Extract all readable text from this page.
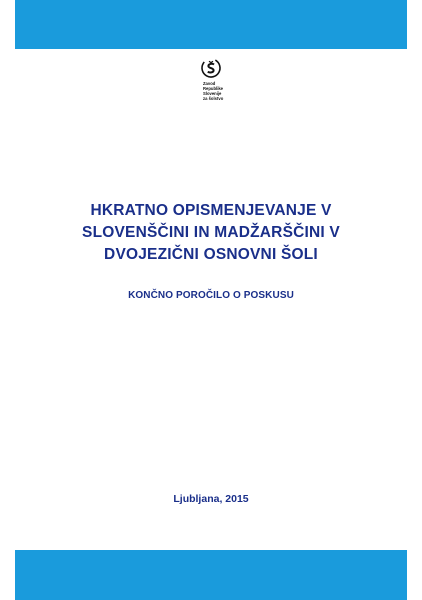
Zavod
Republike
Slovenije
za šolstvo
HKRATNO OPISMENJEVANJE V
SLOVENŠČINI IN MADŽARŠČINI V
DVOJEZIČNI OSNOVNI ŠOLI
KONČNO POROČILO O POSKUSU
Ljubljana, 2015
